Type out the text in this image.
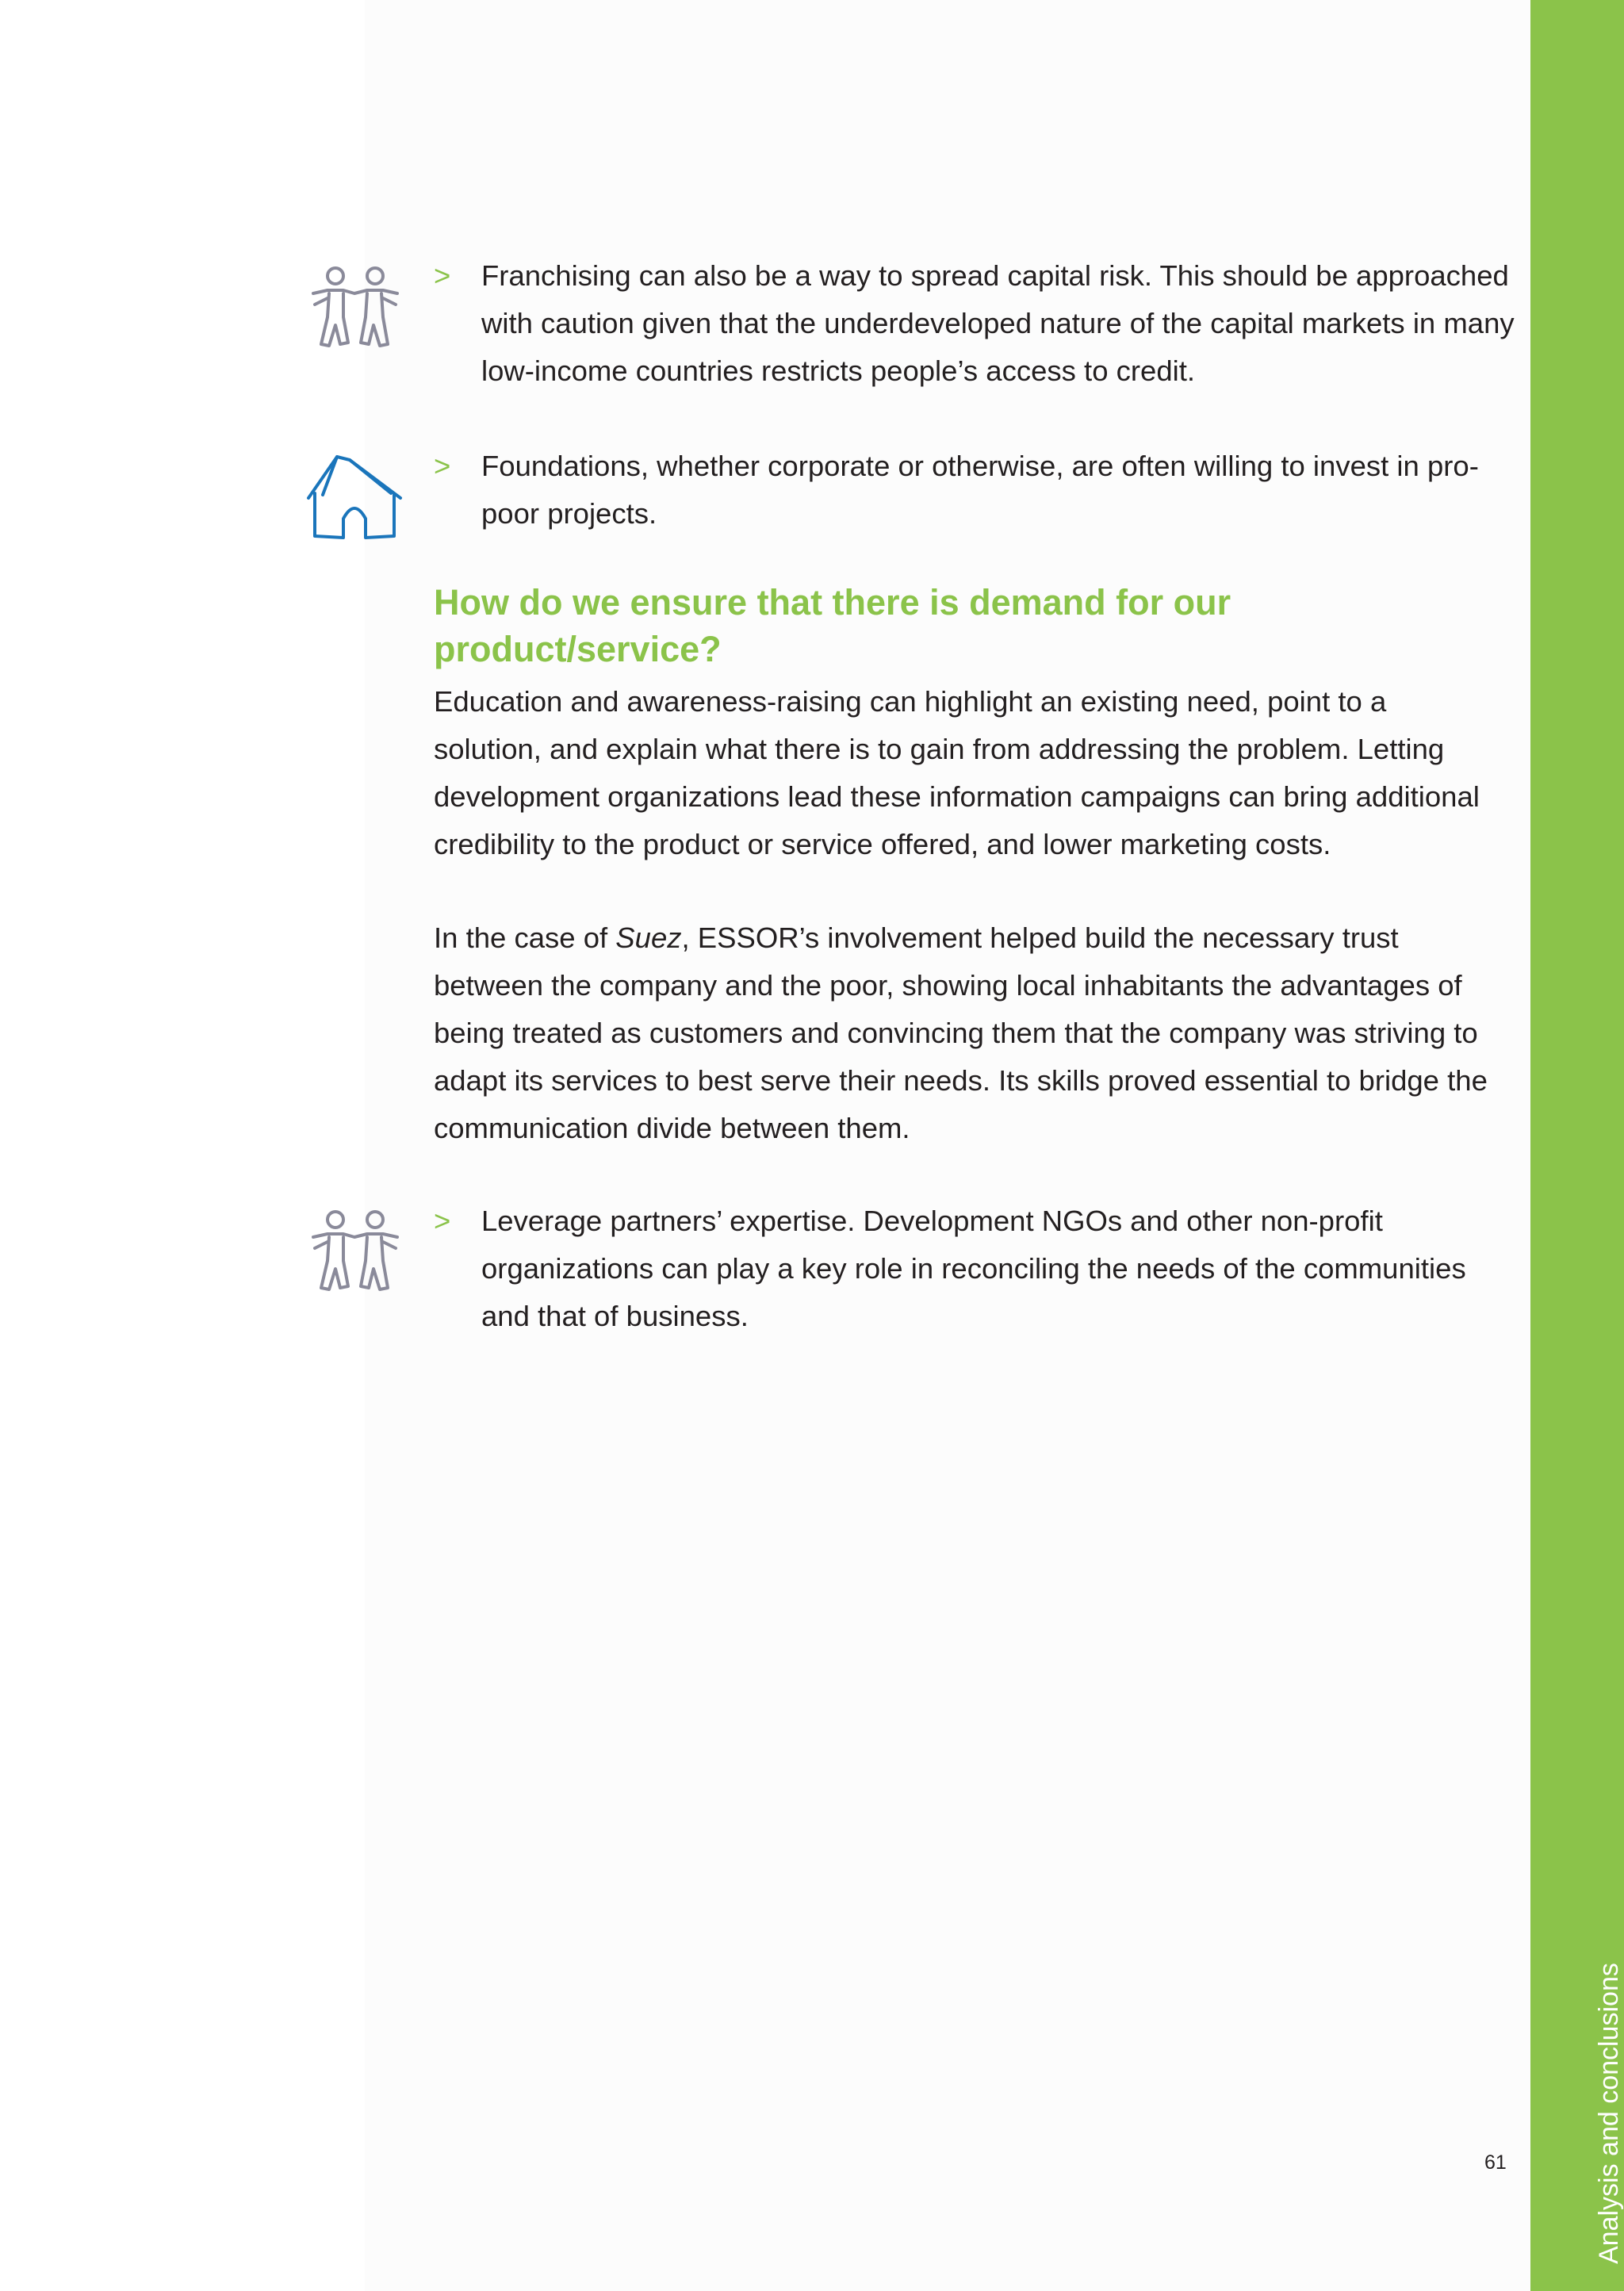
> Franchising can also be a way to spread capital risk. This should be approached with caution given that the underdeveloped nature of the capital markets in many low-income countries restricts people’s access to credit.
> Foundations, whether corporate or otherwise, are often willing to invest in pro-poor projects.
How do we ensure that there is demand for our product/service?
Education and awareness-raising can highlight an existing need, point to a solution, and explain what there is to gain from addressing the problem. Letting development organizations lead these information campaigns can bring additional credibility to the product or service offered, and lower marketing costs.
In the case of Suez, ESSOR’s involvement helped build the necessary trust between the company and the poor, showing local inhabitants the advantages of being treated as customers and convincing them that the company was striving to adapt its services to best serve their needs. Its skills proved essential to bridge the communication divide between them.
> Leverage partners’ expertise. Development NGOs and other non-profit organizations can play a key role in reconciling the needs of the communities and that of business.
61	Analysis and conclusions
